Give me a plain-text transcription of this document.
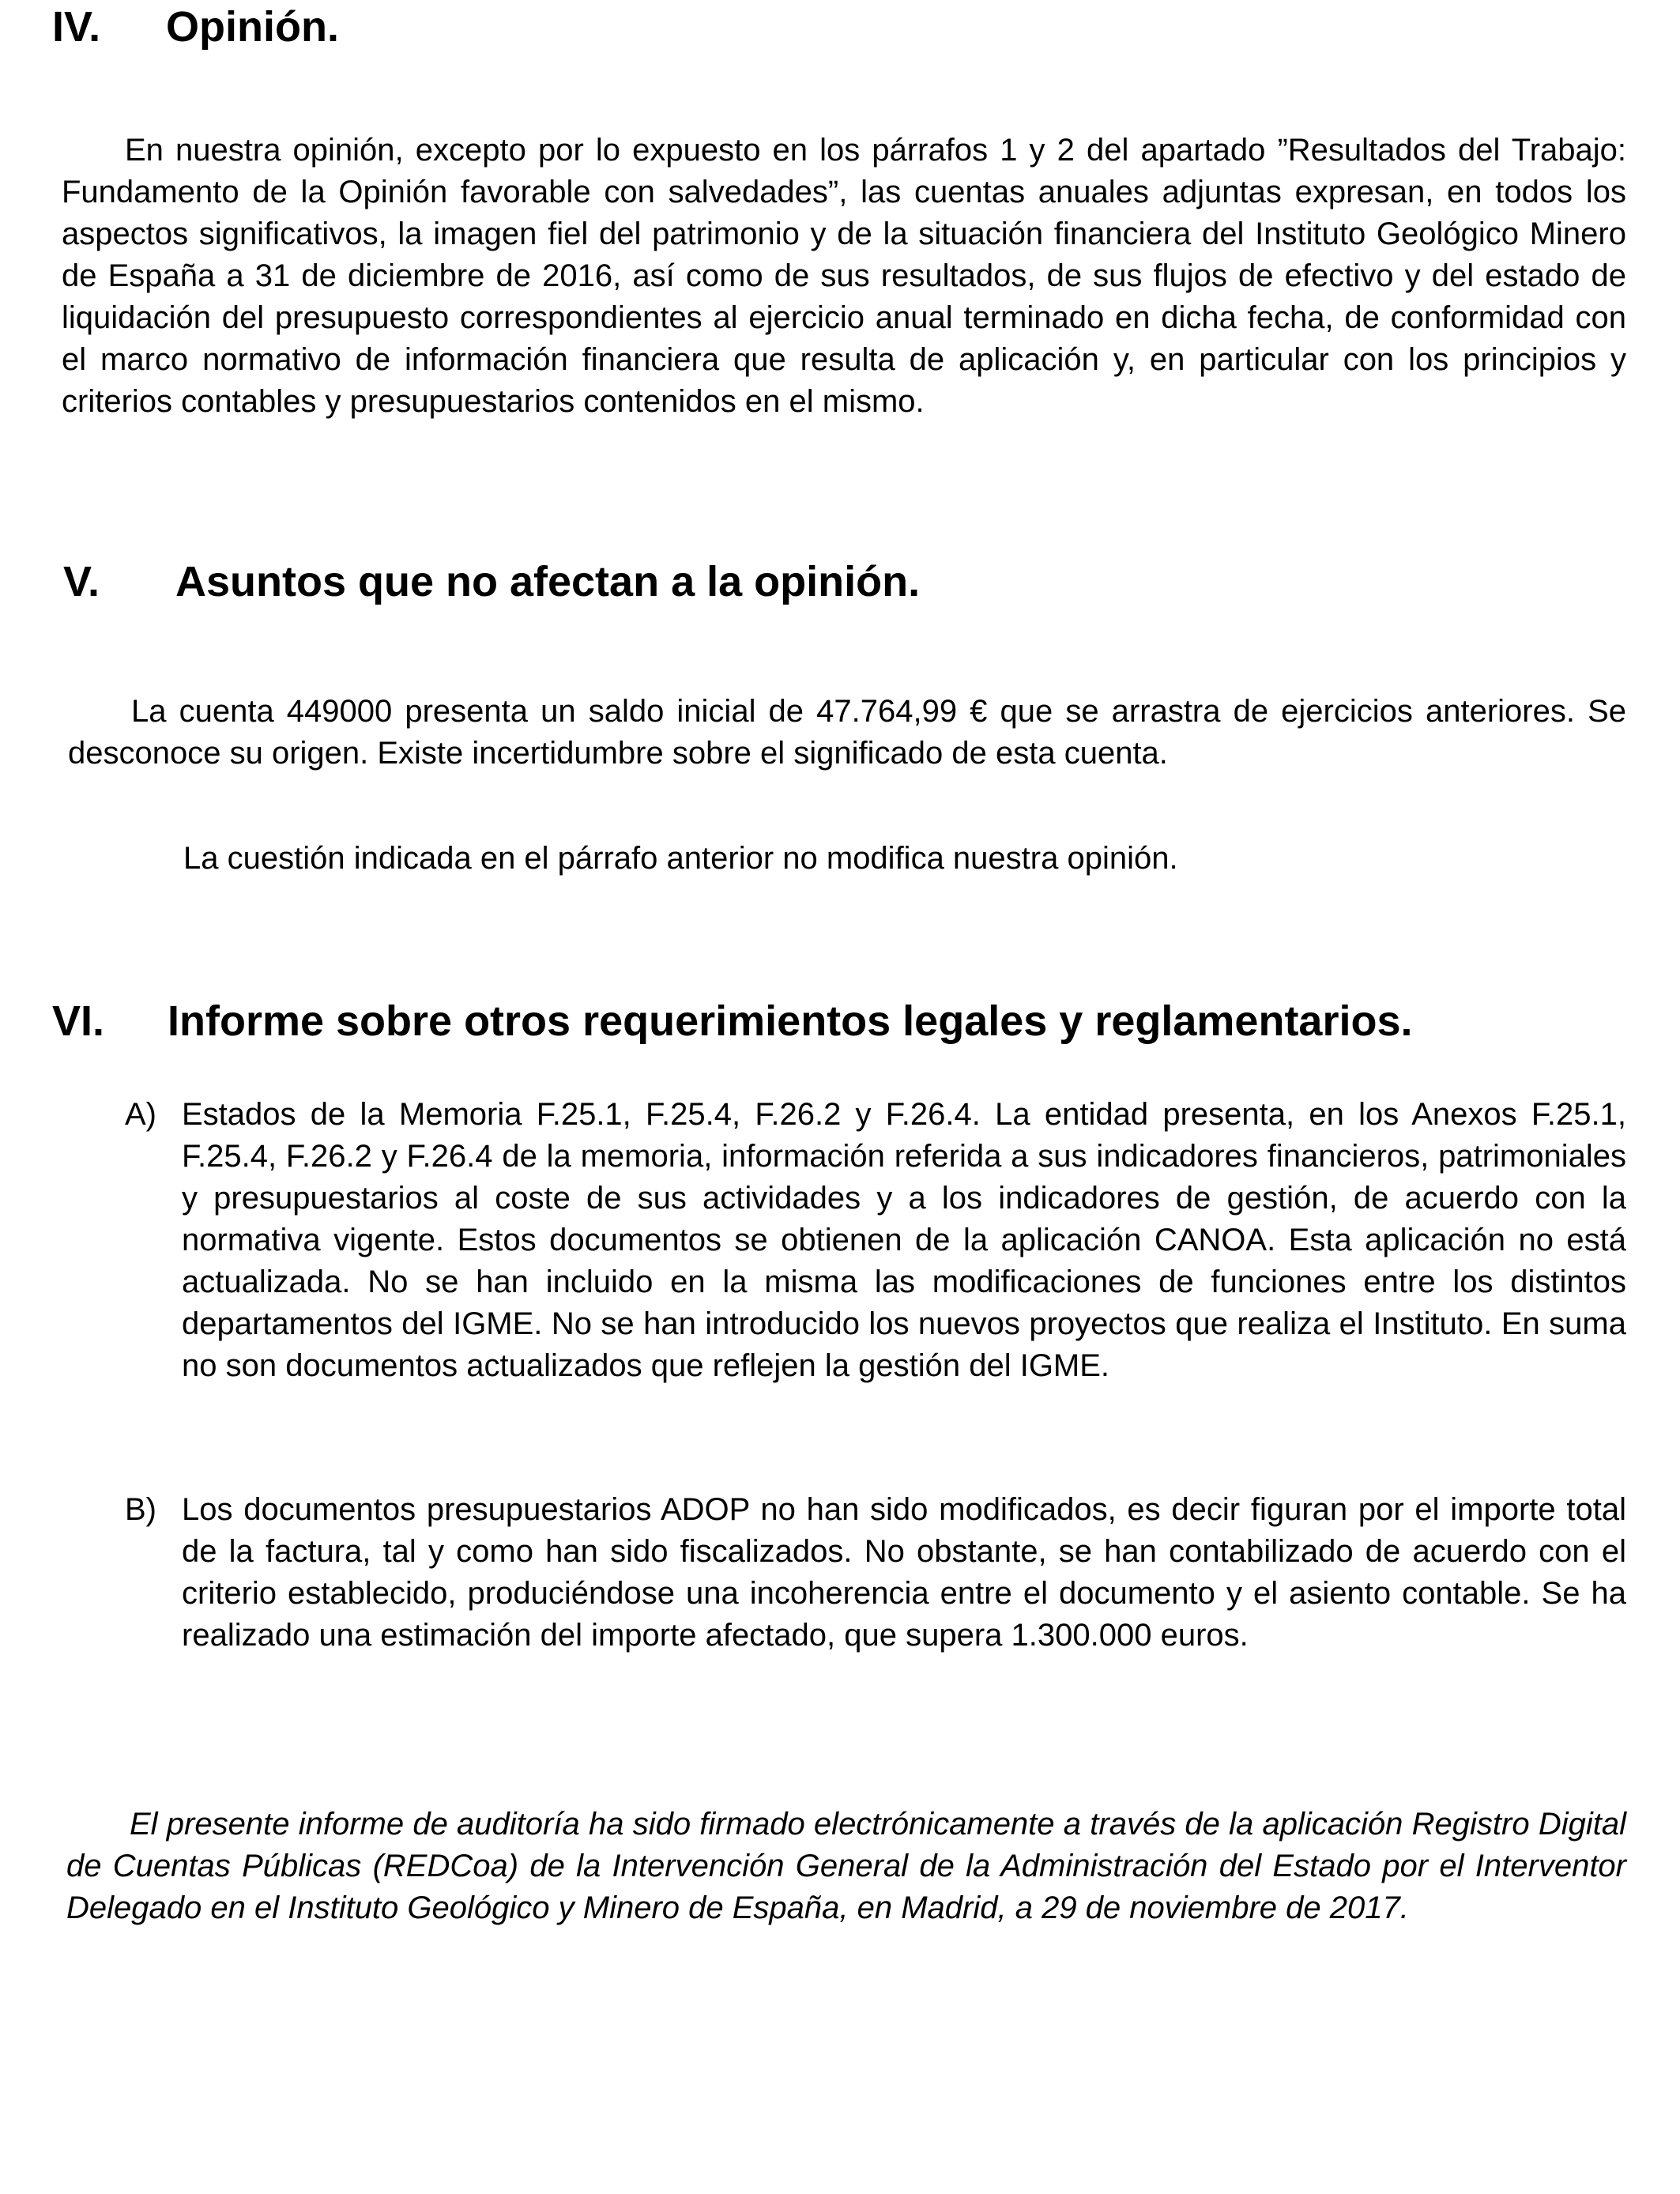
IV. Opinión.
En nuestra opinión, excepto por lo expuesto en los párrafos 1 y 2 del apartado ”Resultados del Trabajo: Fundamento de la Opinión favorable con salvedades”, las cuentas anuales adjuntas expresan, en todos los aspectos significativos, la imagen fiel del patrimonio y de la situación financiera del Instituto Geológico Minero de España a 31 de diciembre de 2016, así como de sus resultados, de sus flujos de efectivo y del estado de liquidación del presupuesto correspondientes al ejercicio anual terminado en dicha fecha, de conformidad con el marco normativo de información financiera que resulta de aplicación y, en particular con los principios y criterios contables y presupuestarios contenidos en el mismo.
V. Asuntos que no afectan a la opinión.
La cuenta 449000 presenta un saldo inicial de 47.764,99 € que se arrastra de ejercicios anteriores. Se desconoce su origen. Existe incertidumbre sobre el significado de esta cuenta.
La cuestión indicada en el párrafo anterior no modifica nuestra opinión.
VI. Informe sobre otros requerimientos legales y reglamentarios.
A) Estados de la Memoria F.25.1, F.25.4, F.26.2 y F.26.4. La entidad presenta, en los Anexos F.25.1, F.25.4, F.26.2 y F.26.4 de la memoria, información referida a sus indicadores financieros, patrimoniales y presupuestarios al coste de sus actividades y a los indicadores de gestión, de acuerdo con la normativa vigente. Estos documentos se obtienen de la aplicación CANOA. Esta aplicación no está actualizada. No se han incluido en la misma las modificaciones de funciones entre los distintos departamentos del IGME. No se han introducido los nuevos proyectos que realiza el Instituto. En suma no son documentos actualizados que reflejen la gestión del IGME.
B) Los documentos presupuestarios ADOP no han sido modificados, es decir figuran por el importe total de la factura, tal y como han sido fiscalizados. No obstante, se han contabilizado de acuerdo con el criterio establecido, produciéndose una incoherencia entre el documento y el asiento contable. Se ha realizado una estimación del importe afectado, que supera 1.300.000 euros.
El presente informe de auditoría ha sido firmado electrónicamente a través de la aplicación Registro Digital de Cuentas Públicas (REDCoa) de la Intervención General de la Administración del Estado por el Interventor Delegado en el Instituto Geológico y Minero de España, en Madrid, a 29 de noviembre de 2017.
